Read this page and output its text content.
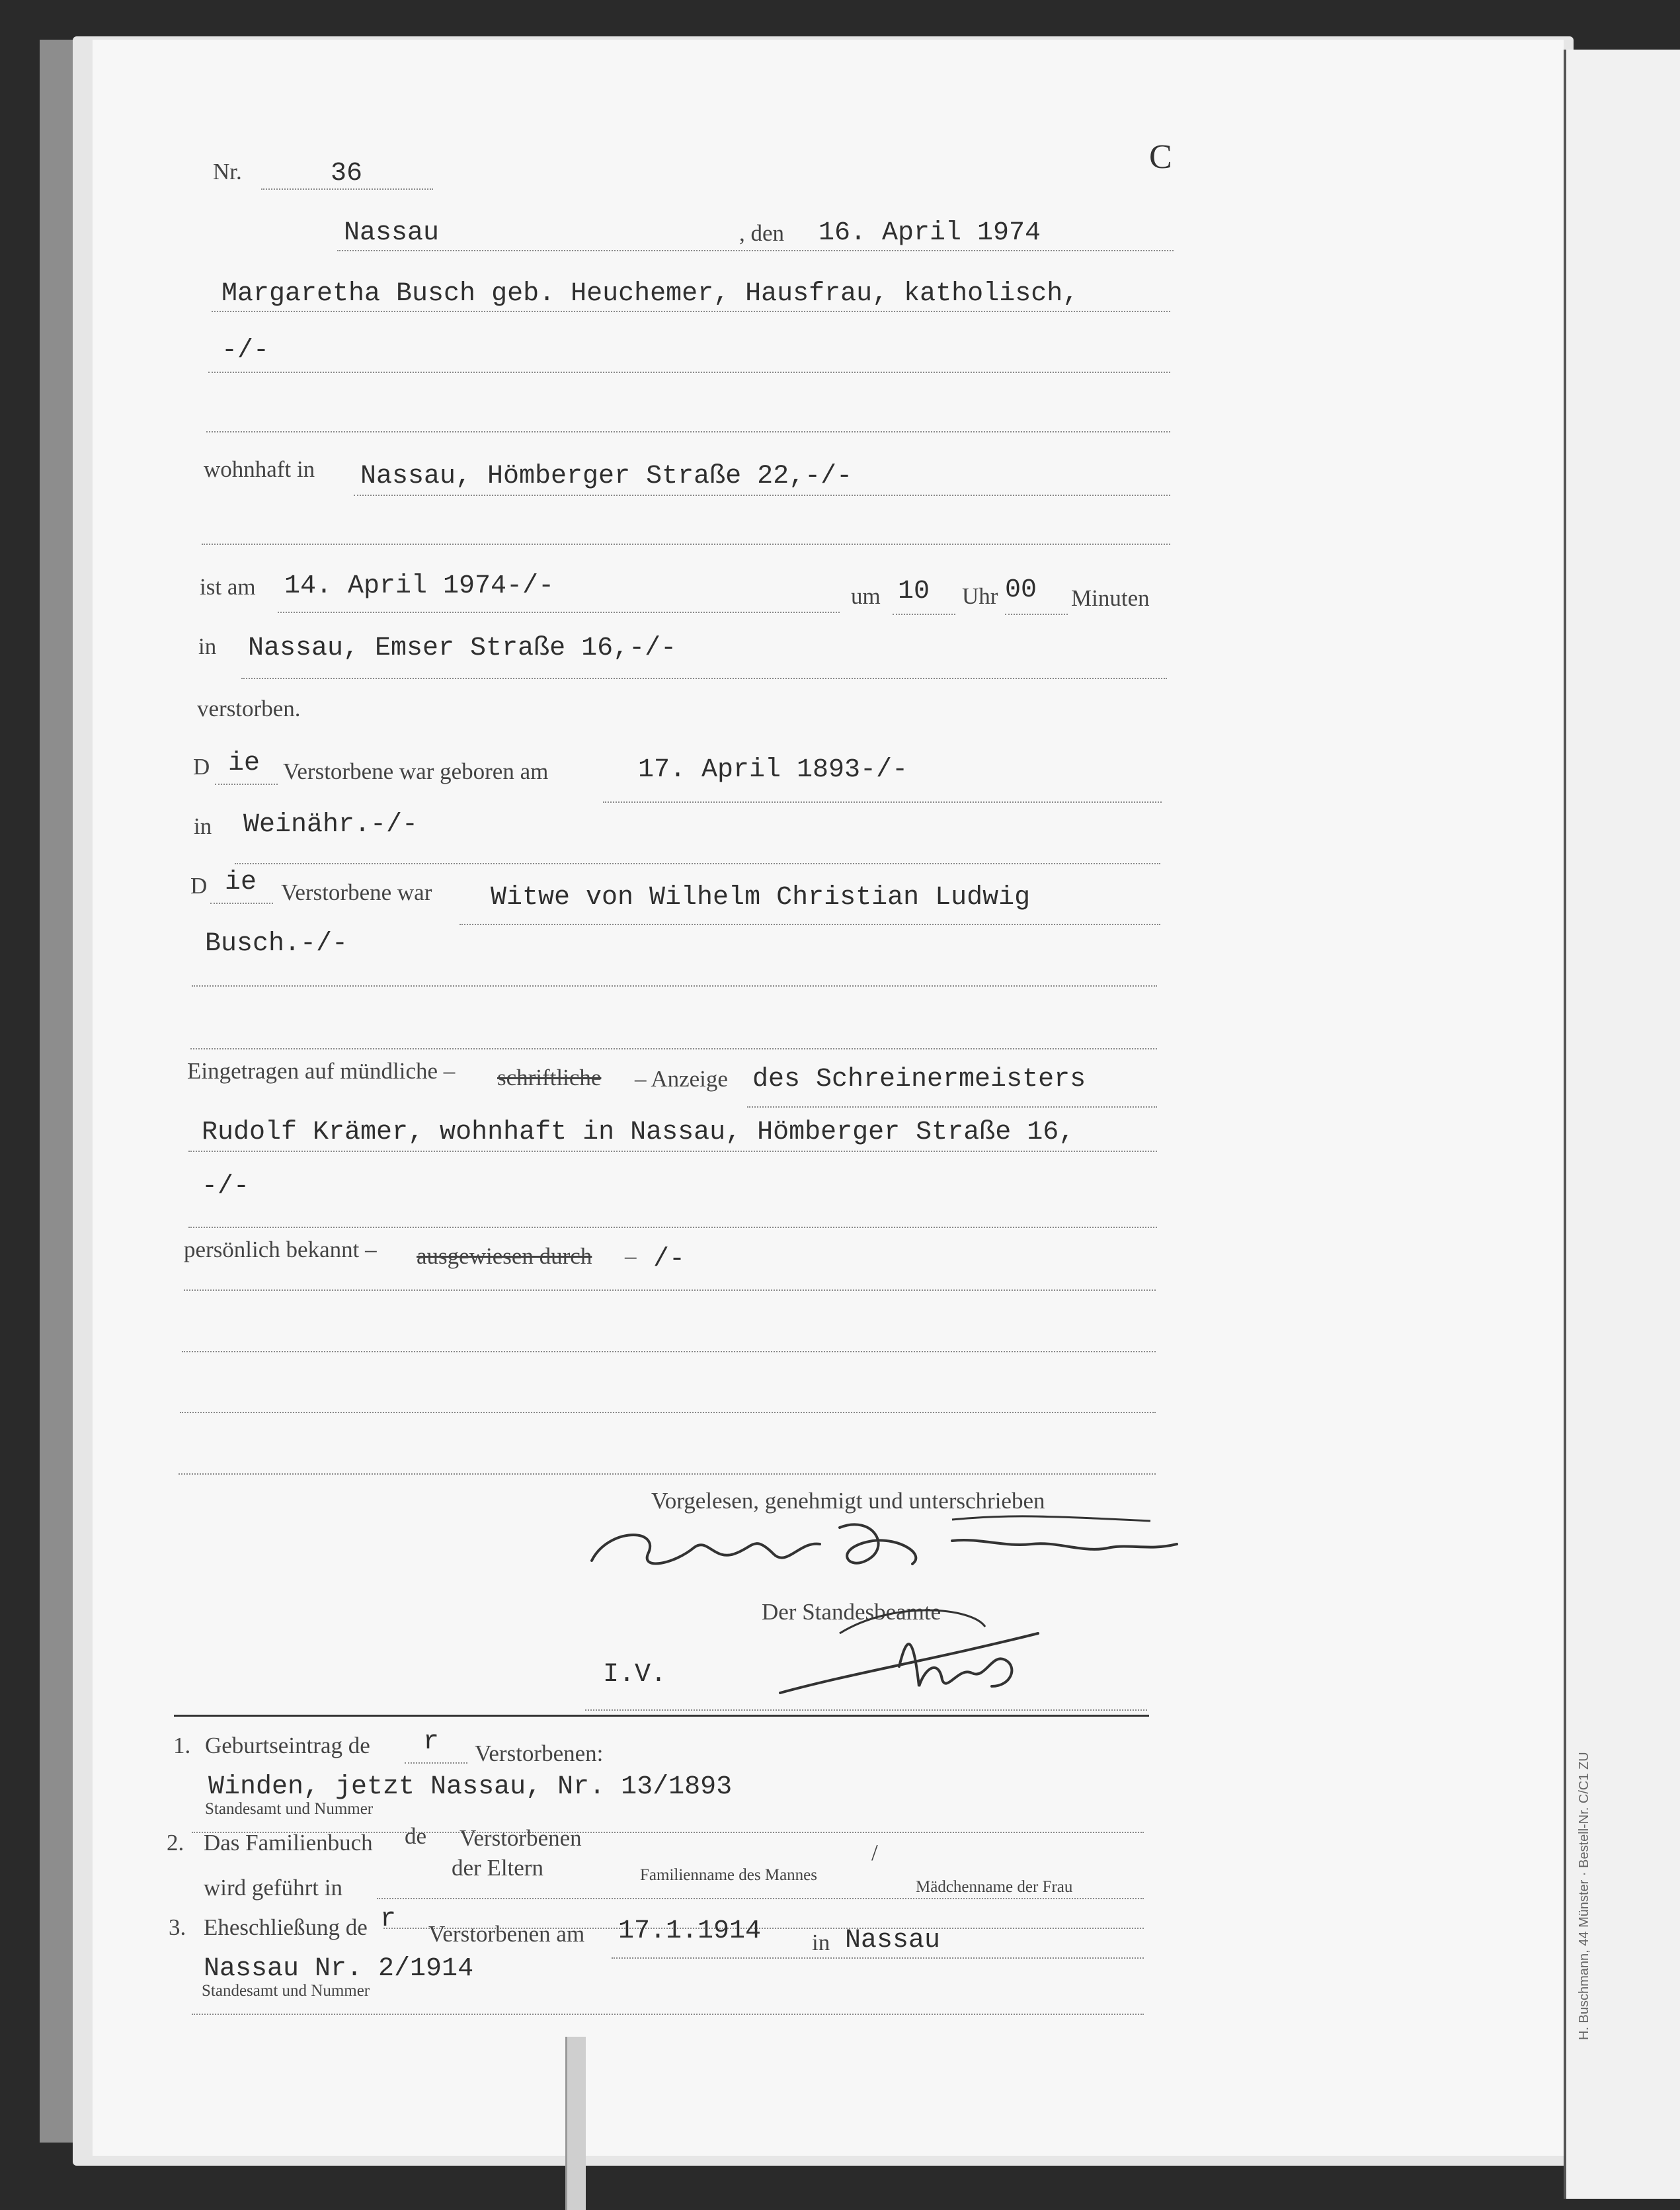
H. Buschmann, 44 Münster · Bestell-Nr. C/C1 ZU
Nr.	36	C
Nassau	, den 16. April 1974
Margaretha Busch geb. Heuchemer, Hausfrau, katholisch,
-/-
wohnhaft in Nassau, Hömberger Straße 22,-/-
ist am 14. April 1974-/-	um 10 Uhr 00 Minuten
in Nassau, Emser Straße 16,-/-
verstorben.
D ie Verstorbene war geboren am	17. April 1893-/-
in Weinähr.-/-
D ie Verstorbene war Witwe von Wilhelm Christian Ludwig
Busch.-/-
Eingetragen auf mündliche – schriftliche – Anzeige des Schreinermeisters
Rudolf Krämer, wohnhaft in Nassau, Hömberger Straße 16,
-/-
persönlich bekannt – ausgewiesen durch – /-
Vorgelesen, genehmigt und unterschrieben
Der Standesbeamte
I.V.
1. Geburtseintrag de r Verstorbenen:
Winden, jetzt Nassau, Nr. 13/1893
Standesamt und Nummer
2. Das Familienbuch de Verstorbenen
der Eltern	Familienname des Mannes
/
Mädchenname der Frau
wird geführt in
3. Eheschließung de r Verstorbenen am 17.1.1914 in Nassau
Nassau Nr. 2/1914
Standesamt und Nummer
